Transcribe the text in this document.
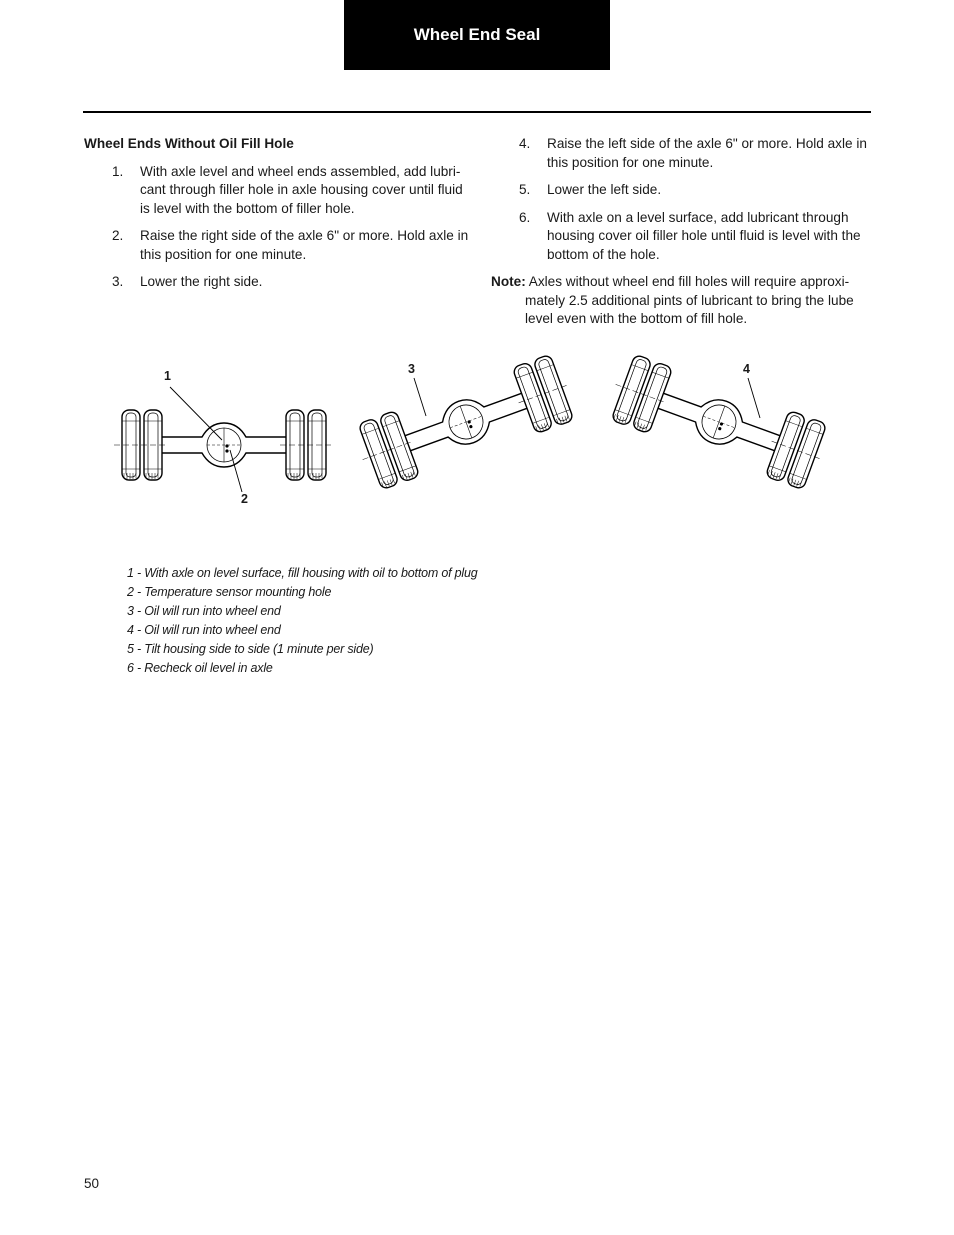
Wheel End Seal
Wheel Ends Without Oil Fill Hole
1. With axle level and wheel ends assembled, add lubri-cant through filler hole in axle housing cover until fluid is level with the bottom of filler hole.
2. Raise the right side of the axle 6" or more. Hold axle in this position for one minute.
3. Lower the right side.
4. Raise the left side of the axle 6" or more. Hold axle in this position for one minute.
5. Lower the left side.
6. With axle on a level surface, add lubricant through housing cover oil filler hole until fluid is level with the bottom of the hole.
Note: Axles without wheel end fill holes will require approxi-mately 2.5 additional pints of lubricant to bring the lube level even with the bottom of fill hole.
1
2
3	4
1 - With axle on level surface, fill housing with oil to bottom of plug
2 - Temperature sensor mounting hole
3 - Oil will run into wheel end
4 - Oil will run into wheel end
5 - Tilt housing side to side (1 minute per side)
6 - Recheck oil level in axle
50
